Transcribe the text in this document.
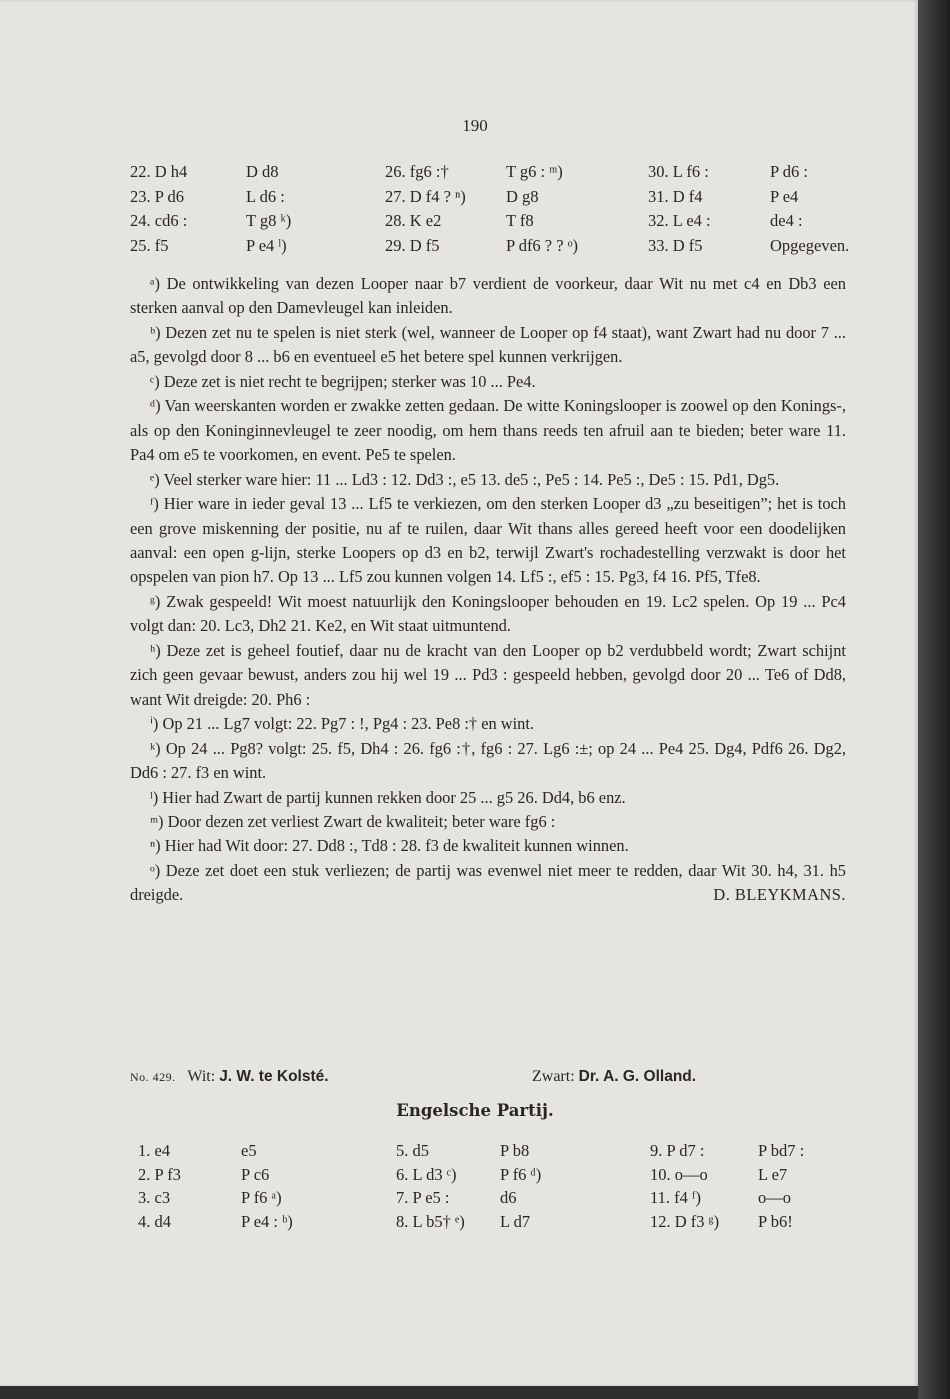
190
22. D h4	D d8	26. fg6 :†	T g6 : ᵐ)	30. L f6 :	P d6 :
23. P d6	L d6 :	27. D f4 ? ⁿ) D g8	31. D f4	P e4
24. cd6 :	T g8 ᵏ)	28. K e2	T f8	32. L e4 :	de4 :
25. f5	P e4 ˡ)	29. D f5	P df6 ? ? ᵒ)	33. D f5	Opgegeven.

ᵃ) De ontwikkeling van dezen Looper naar b7 verdient de voorkeur, daar Wit nu met c4 en Db3 een sterken aanval op den Damevleugel kan inleiden.

ᵇ) Dezen zet nu te spelen is niet sterk (wel, wanneer de Looper op f4 staat), want Zwart had nu door 7 ... a5, gevolgd door 8 ... b6 en eventueel e5 het betere spel kunnen verkrijgen.

ᶜ) Deze zet is niet recht te begrijpen; sterker was 10 ... Pe4.

ᵈ) Van weerskanten worden er zwakke zetten gedaan. De witte Koningslooper is zoowel op den Konings-, als op den Koninginnevleugel te zeer noodig, om hem thans reeds ten afruil aan te bieden; beter ware 11. Pa4 om e5 te voorkomen, en event. Pe5 te spelen.

ᵉ) Veel sterker ware hier: 11 ... Ld3 : 12. Dd3 :, e5 13. de5 :, Pe5 : 14. Pe5 :, De5 : 15. Pd1, Dg5.

ᶠ) Hier ware in ieder geval 13 ... Lf5 te verkiezen, om den sterken Looper d3 „zu beseitigen”; het is toch een grove miskenning der positie, nu af te ruilen, daar Wit thans alles gereed heeft voor een doodelijken aanval: een open g-lijn, sterke Loopers op d3 en b2, terwijl Zwart's rochadestelling verzwakt is door het opspelen van pion h7. Op 13 ... Lf5 zou kunnen volgen 14. Lf5 :, ef5 : 15. Pg3, f4 16. Pf5, Tfe8.

ᵍ) Zwak gespeeld! Wit moest natuurlijk den Koningslooper behouden en 19. Lc2 spelen. Op 19 ... Pc4 volgt dan: 20. Lc3, Dh2 21. Ke2, en Wit staat uitmuntend.

ʰ) Deze zet is geheel foutief, daar nu de kracht van den Looper op b2 verdubbeld wordt; Zwart schijnt zich geen gevaar bewust, anders zou hij wel 19 ... Pd3 : gespeeld hebben, gevolgd door 20 ... Te6 of Dd8, want Wit dreigde: 20. Ph6 :

ⁱ) Op 21 ... Lg7 volgt: 22. Pg7 : !, Pg4 : 23. Pe8 :† en wint.

ᵏ) Op 24 ... Pg8? volgt: 25. f5, Dh4 : 26. fg6 :†, fg6 : 27. Lg6 :±; op 24 ... Pe4 25. Dg4, Pdf6 26. Dg2, Dd6 : 27. f3 en wint.

ˡ) Hier had Zwart de partij kunnen rekken door 25 ... g5 26. Dd4, b6 enz.

ᵐ) Door dezen zet verliest Zwart de kwaliteit; beter ware fg6 :

ⁿ) Hier had Wit door: 27. Dd8 :, Td8 : 28. f3 de kwaliteit kunnen winnen.

ᵒ) Deze zet doet een stuk verliezen; de partij was evenwel niet meer te redden, daar Wit 30. h4, 31. h5 dreigde.	D. BLEYKMANS.

No. 429. Wit: J. W. te Kolsté.	Zwart: Dr. A. G. Olland.
Engelsche Partij.
1. e4	e5	5. d5	P b8	9. P d7 :	P bd7 :
2. P f3	P c6	6. L d3 ᶜ)	P f6 ᵈ)	10. o—o	L e7
3. c3	P f6 ᵃ)	7. P e5 :	d6	11. f4 ᶠ)	o—o
4. d4	P e4 : ᵇ)	8. L b5† ᵉ) L d7	12. D f3 ᵍ) P b6!
